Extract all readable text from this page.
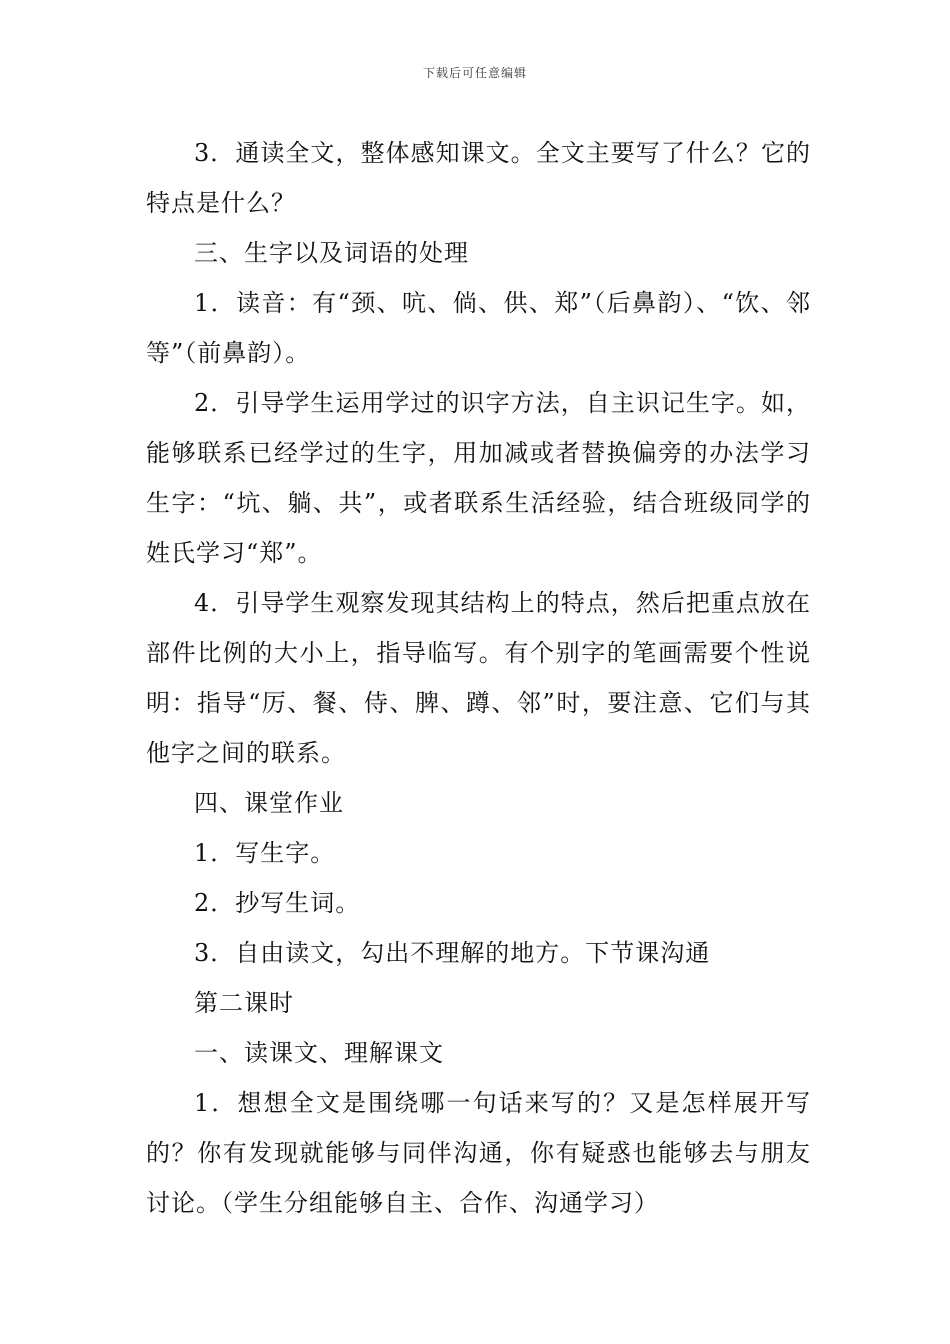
下载后可任意编辑

3．通读全文，整体感知课文。全文主要写了什么？它的特点是什么？

三、生字以及词语的处理

1．读音：有“颈、吭、倘、供、郑”（后鼻韵）、“饮、邻等”（前鼻韵）。

2．引导学生运用学过的识字方法，自主识记生字。如，能够联系已经学过的生字，用加减或者替换偏旁的办法学习生字：“坑、躺、共”，或者联系生活经验，结合班级同学的姓氏学习“郑”。

4．引导学生观察发现其结构上的特点，然后把重点放在部件比例的大小上，指导临写。有个别字的笔画需要个性说明：指导“厉、餐、侍、脾、蹲、邻”时，要注意、它们与其他字之间的联系。

四、课堂作业

1．写生字。

2．抄写生词。

3．自由读文，勾出不理解的地方。下节课沟通

第二课时

一、读课文、理解课文

1．想想全文是围绕哪一句话来写的？又是怎样展开写的？你有发现就能够与同伴沟通，你有疑惑也能够去与朋友讨论。（学生分组能够自主、合作、沟通学习）
